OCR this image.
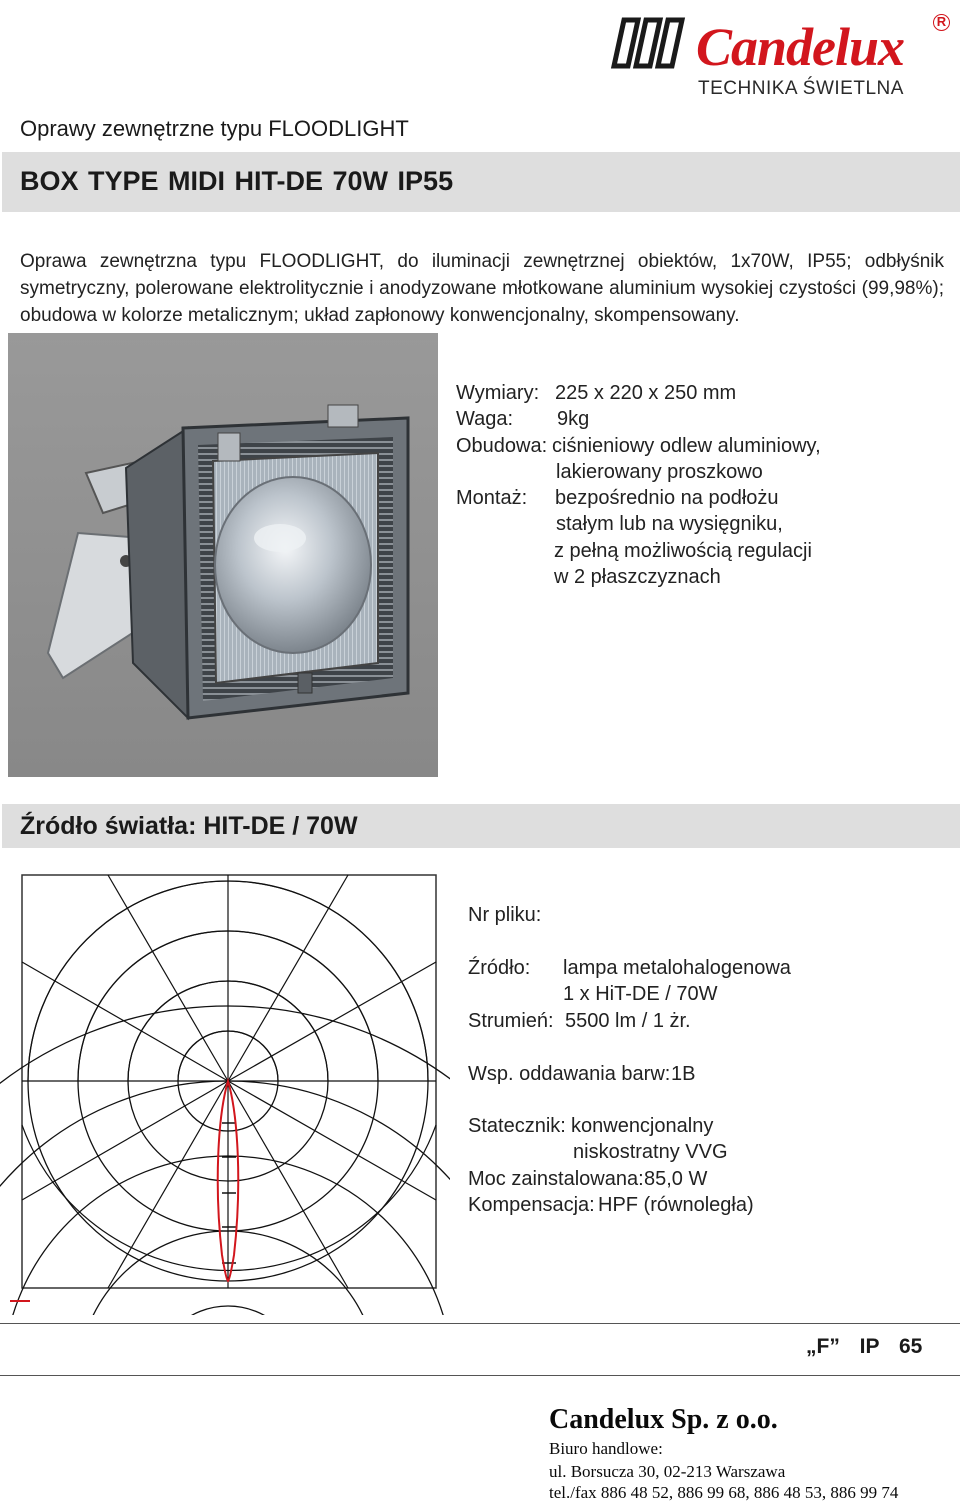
Candelux	R
TECHNIKA ŚWIETLNA
Oprawy zewnętrzne typu FLOODLIGHT
BOX TYPE MIDI HIT-DE 70W IP55
Oprawa zewnętrzna typu FLOODLIGHT, do iluminacji zewnętrznej obiektów, 1x70W, IP55; odbłyśnik symetryczny, polerowane elektrolitycznie i anodyzowane młotkowane aluminium wysokiej czystości (99,98%); obudowa w kolorze metalicznym; układ zapłonowy konwencjonalny, skompensowany.
Wymiary: 225 x 220 x 250 mm
Waga: 9kg
Obudowa: ciśnieniowy odlew aluminiowy,
lakierowany proszkowo
Montaż: bezpośrednio na podłożu
stałym lub na wysięgniku,
z pełną możliwością regulacji
w 2 płaszczyznach
Źródło światła: HIT-DE / 70W
Nr pliku:
Źródło: lampa metalohalogenowa
1 x HiT-DE / 70W
Strumień: 5500 lm / 1 żr.
Wsp. oddawania barw: 1B
Statecznik: konwencjonalny
niskostratny VVG
Moc zainstalowana: 85,0 W
Kompensacja: HPF (równoległa)
„F” IP 65
Candelux Sp. z o.o.
Biuro handlowe:
ul. Borsucza 30, 02-213 Warszawa
tel./fax 886 48 52, 886 99 68, 886 48 53, 886 99 74
